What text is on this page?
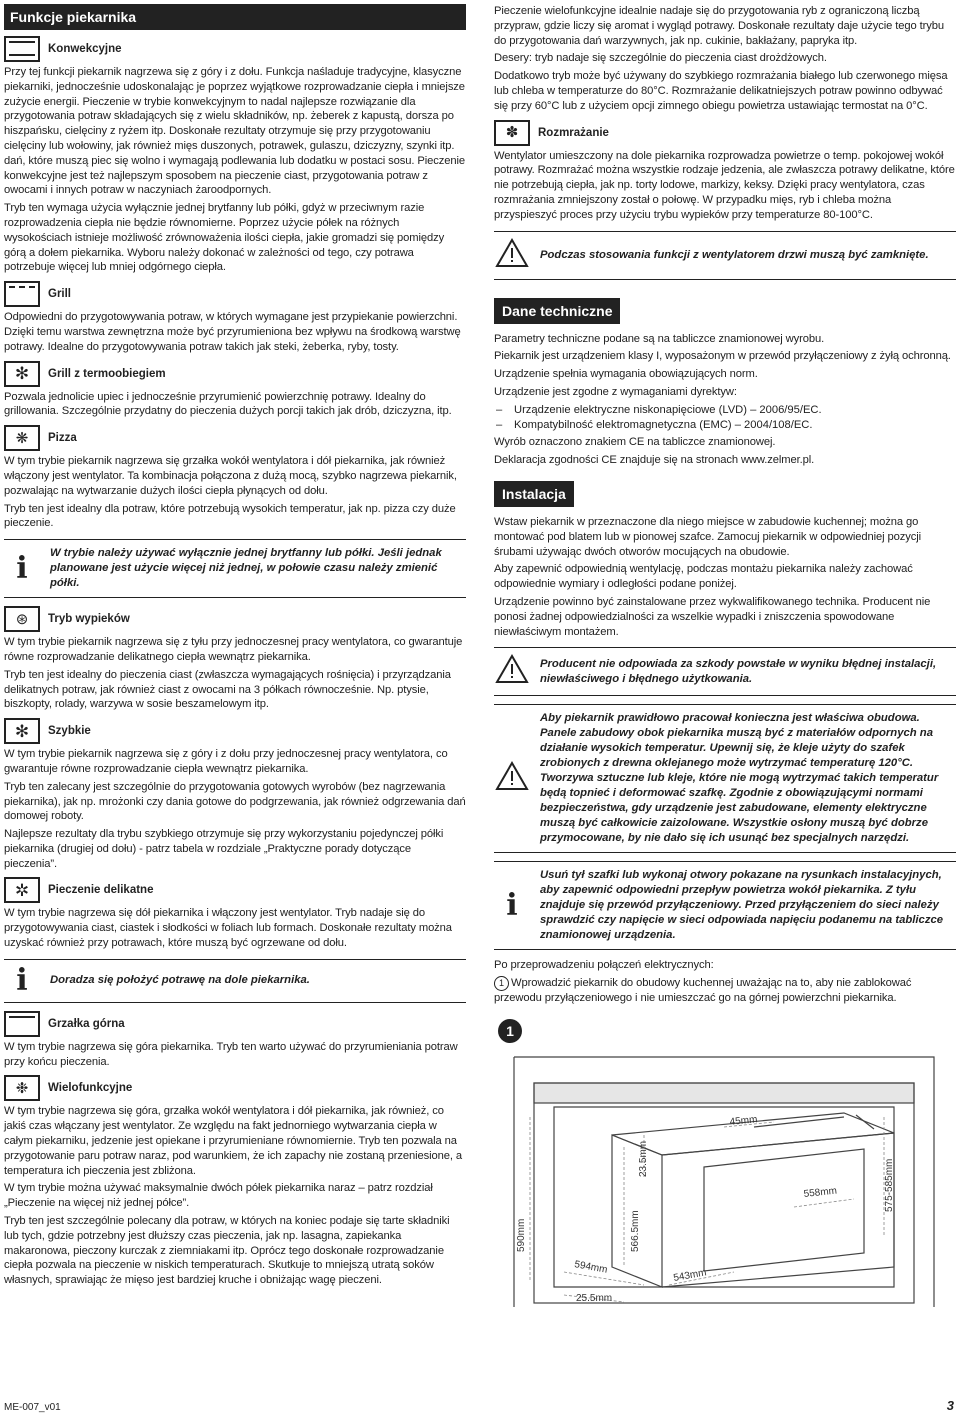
Funkcje piekarnika
Konwekcyjne

Przy tej funkcji piekarnik nagrzewa się z góry i z dołu. Funkcja naśladuje tradycyjne, klasyczne piekarniki, jednocześnie udoskonalając je poprzez wyjątkowe rozprowadzanie ciepła i mniejsze zużycie energii. Pieczenie w trybie konwekcyjnym to nadal najlepsze rozwiązanie dla przygotowania potraw składających się z wielu składników, np. żeberek z kapustą, dorsza po hiszpańsku, cielęciny z ryżem itp. Doskonałe rezultaty otrzymuje się przy przygotowaniu cielęciny lub wołowiny, jak również mięs duszonych, potrawek, gulaszu, dziczyzny, szynki itp. dań, które muszą piec się wolno i wymagają podlewania lub dodatku w postaci sosu. Pieczenie konwekcyjne jest też najlepszym sposobem na pieczenie ciast, przygotowania potraw z owocami i innych potraw w naczyniach żaroodpornych.

Tryb ten wymaga użycia wyłącznie jednej brytfanny lub półki, gdyż w przeciwnym razie rozprowadzenia ciepła nie będzie równomierne. Poprzez użycie półek na różnych wysokościach istnieje możliwość zrównoważenia ilości ciepła, jakie gromadzi się pomiędzy górą a dołem piekarnika. Wyboru należy dokonać w zależności od tego, czy potrawa potrzebuje więcej lub mniej odgórnego ciepła.

Grill

Odpowiedni do przygotowywania potraw, w których wymagane jest przypiekanie powierzchni. Dzięki temu warstwa zewnętrzna może być przyrumieniona bez wpływu na środkową warstwę potrawy. Idealne do przygotowywania potraw takich jak steki, żeberka, ryby, tosty.

✻	Grill z termoobiegiem

Pozwala jednolicie upiec i jednocześnie przyrumienić powierzchnię potrawy. Idealny do grillowania. Szczególnie przydatny do pieczenia dużych porcji takich jak drób, dziczyzna, itp.

❋	Pizza

W tym trybie piekarnik nagrzewa się grzałka wokół wentylatora i dół piekarnika, jak również włączony jest wentylator. Ta kombinacja połączona z dużą mocą, szybko nagrzewa piekarnik, pozwalając na wytwarzanie dużych ilości ciepła płynących od dołu.

Tryb ten jest idealny dla potraw, które potrzebują wysokich temperatur, jak np. pizza czy duże pieczenie.

i	W trybie należy używać wyłącznie jednej brytfanny lub półki. Jeśli jednak planowane jest użycie więcej niż jednej, w połowie czasu należy zmienić półki.
⊛	Tryb wypieków

W tym trybie piekarnik nagrzewa się z tyłu przy jednoczesnej pracy wentylatora, co gwarantuje równe rozprowadzanie delikatnego ciepła wewnątrz piekarnika.

Tryb ten jest idealny do pieczenia ciast (zwłaszcza wymagających rośnięcia) i przyrządzania delikatnych potraw, jak również ciast z owocami na 3 półkach równocześnie. Np. ptysie, biszkopty, rolady, warzywa w sosie beszamelowym itp.

✻	Szybkie

W tym trybie piekarnik nagrzewa się z góry i z dołu przy jednoczesnej pracy wentylatora, co gwarantuje równe rozprowadzanie ciepła wewnątrz piekarnika.

Tryb ten zalecany jest szczególnie do przygotowania gotowych wyrobów (bez nagrzewania piekarnika), jak np. mrożonki czy dania gotowe do podgrzewania, jak również odgrzewania dań domowej roboty.

Najlepsze rezultaty dla trybu szybkiego otrzymuje się przy wykorzystaniu pojedynczej półki piekarnika (drugiej od dołu) - patrz tabela w rozdziale „Praktyczne porady dotyczące pieczenia”.

✲	Pieczenie delikatne

W tym trybie nagrzewa się dół piekarnika i włączony jest wentylator. Tryb nadaje się do przygotowywania ciast, ciastek i słodkości w foliach lub formach. Doskonałe rezultaty można uzyskać również przy potrawach, które muszą być ogrzewane od dołu.

i	Doradza się położyć potrawę na dole piekarnika.
Grzałka górna

W tym trybie nagrzewa się góra piekarnika. Tryb ten warto używać do przyrumieniania potraw przy końcu pieczenia.

❉	Wielofunkcyjne

W tym trybie nagrzewa się góra, grzałka wokół wentylatora i dół piekarnika, jak również, co jakiś czas włączany jest wentylator. Ze względu na fakt jednorniego wytwarzania ciepła w całym piekarniku, jedzenie jest opiekane i przyrumieniane równomiernie. Tryb ten pozwala na przygotowanie paru potraw naraz, pod warunkiem, że ich zapachy nie zostaną przeniesione, a temperatura ich pieczenia jest zbliżona.

W tym trybie można używać maksymalnie dwóch półek piekarnika naraz – patrz rozdział „Pieczenie na więcej niż jednej półce”.

Tryb ten jest szczególnie polecany dla potraw, w których na koniec podaje się tarte składniki lub tych, gdzie potrzebny jest dłuższy czas pieczenia, jak np. lasagna, zapiekanka makaronowa, pieczony kurczak z ziemniakami itp. Oprócz tego doskonałe rozprowadzanie ciepła pozwala na pieczenie w niskich temperaturach. Skutkuje to mniejszą utratą soków własnych, sprawiając że mięso jest bardziej kruche i obniżając wagę pieczeni.

Pieczenie wielofunkcyjne idealnie nadaje się do przygotowania ryb z ograniczoną liczbą przypraw, gdzie liczy się aromat i wygląd potrawy. Doskonałe rezultaty daje użycie tego trybu do przygotowania dań warzywnych, jak np. cukinie, bakłażany, papryka itp.

Desery: tryb nadaje się szczególnie do pieczenia ciast drożdżowych.

Dodatkowo tryb może być używany do szybkiego rozmrażania białego lub czerwonego mięsa lub chleba w temperaturze do 80°C. Rozmrażanie delikatniejszych potraw powinno odbywać się przy 60°C lub z użyciem opcji zimnego obiegu powietrza ustawiając termostat na 0°C.

✽	Rozmrażanie

Wentylator umieszczony na dole piekarnika rozprowadza powietrze o temp. pokojowej wokół potrawy. Rozmrażać można wszystkie rodzaje jedzenia, ale zwłaszcza potrawy delikatne, które nie potrzebują ciepła, jak np. torty lodowe, markizy, keksy. Dzięki pracy wentylatora, czas rozmrażania zmniejszony został o połowę. W przypadku mięs, ryb i chleba można przyspieszyć proces przy użyciu trybu wypieków przy temperaturze 80-100°C.

Podczas stosowania funkcji z wentylatorem drzwi muszą być zamknięte.
Dane techniczne

Parametry techniczne podane są na tabliczce znamionowej wyrobu.

Piekarnik jest urządzeniem klasy I, wyposażonym w przewód przyłączeniowy z żyłą ochronną.

Urządzenie spełnia wymagania obowiązujących norm.

Urządzenie jest zgodne z wymaganiami dyrektyw:

– Urządzenie elektryczne niskonapięciowe (LVD) – 2006/95/EC.
– Kompatybilność elektromagnetyczna (EMC) – 2004/108/EC.

Wyrób oznaczono znakiem CE na tabliczce znamionowej.

Deklaracja zgodności CE znajduje się na stronach www.zelmer.pl.

Instalacja

Wstaw piekarnik w przeznaczone dla niego miejsce w zabudowie kuchennej; można go montować pod blatem lub w pionowej szafce. Zamocuj piekarnik w odpowiedniej pozycji śrubami używając dwóch otworów mocujących na obudowie.

Aby zapewnić odpowiednią wentylację, podczas montażu piekarnika należy zachować odpowiednie wymiary i odległości podane poniżej.

Urządzenie powinno być zainstalowane przez wykwalifikowanego technika. Producent nie ponosi żadnej odpowiedzialności za wszelkie wypadki i zniszczenia spowodowane niewłaściwym montażem.

Producent nie odpowiada za szkody powstałe w wyniku błędnej instalacji, niewłaściwego i błędnego użytkowania.
Aby piekarnik prawidłowo pracował konieczna jest właściwa obudowa. Panele zabudowy obok piekarnika muszą być z materiałów odpornych na działanie wysokich temperatur. Upewnij się, że kleje użyty do szafek zrobionych z drewna oklejanego może wytrzymać temperaturę 120°C. Tworzywa sztuczne lub kleje, które nie mogą wytrzymać takich temperatur będą topnieć i deformować szafkę. Zgodnie z obowiązującymi normami bezpieczeństwa, gdy urządzenie jest zabudowane, elementy elektryczne muszą być całkowicie zaizolowane. Wszystkie osłony muszą być dobrze przymocowane, by nie dało się ich usunąć bez specjalnych narzędzi.
i
Usuń tył szafki lub wykonaj otwory pokazane na rysunkach instalacyjnych, aby zapewnić odpowiedni przepływ powietrza wokół piekarnika. Z tyłu znajduje się przewód przyłączeniowy. Przed przyłączeniem do sieci należy sprawdzić czy napięcie w sieci odpowiada napięciu podanemu na tabliczce znamionowej urządzenia.

Po przeprowadzeniu połączeń elektrycznych:

1 Wprowadzić piekarnik do obudowy kuchennej uważając na to, aby nie zablokować przewodu przyłączeniowego i nie umieszczać go na górnej powierzchni piekarnika.

1
590mm
23.5mm
566.5mm
45mm
575-585mm
558mm
594mm	543mm
25.5mm
ME-007_v01	3
